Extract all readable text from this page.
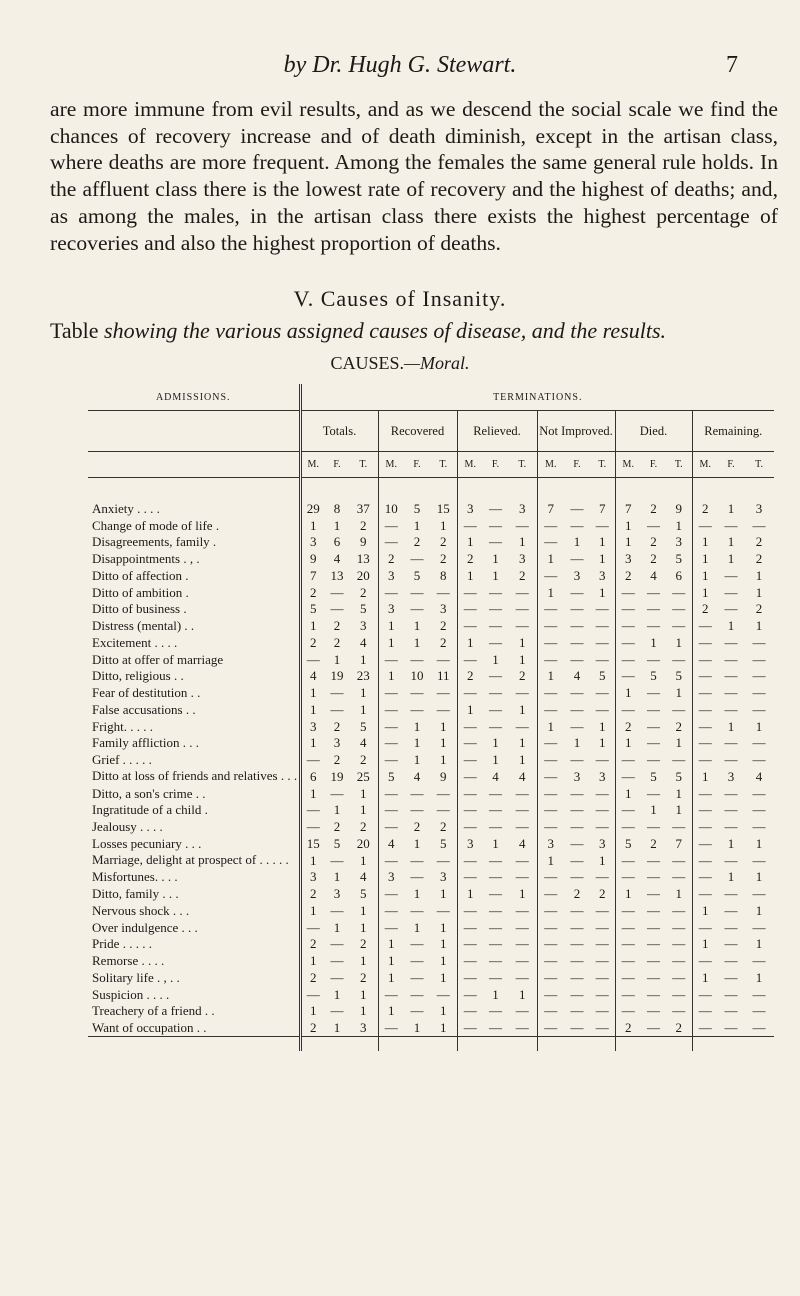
by Dr. Hugh G. Stewart.	7
are more immune from evil results, and as we descend the social scale we find the chances of recovery increase and of death diminish, except in the artisan class, where deaths are more frequent. Among the females the same general rule holds. In the affluent class there is the lowest rate of recovery and the highest of deaths; and, as among the males, in the artisan class there exists the highest percentage of recoveries and also the highest proportion of deaths.
V. Causes of Insanity.
Table showing the various assigned causes of disease, and the results.
CAUSES.—Moral.
ADMISSIONS.	TERMINATIONS.																	
	Totals.			Recovered			Relieved.			Not Improved.			Died.			Remaining.		
	M.	F.	T.	M.	F.	T.	M.	F.	T.	M.	F.	T.	M.	F.	T.	M.	F.	T.

Anxiety . . . .	29	8	37	10	5	15	3	—	3	7	—	7	7	2	9	2	1	3
Change of mode of life .	1	1	2	—	1	1	—	—	—	—	—	—	1	—	1	—	—	—
Disagreements, family .	3	6	9	—	2	2	1	—	1	—	1	1	1	2	3	1	1	2
Disappointments . , .	9	4	13	2	—	2	2	1	3	1	—	1	3	2	5	1	1	2
Ditto of affection .	7	13	20	3	5	8	1	1	2	—	3	3	2	4	6	1	—	1
Ditto of ambition .	2	—	2	—	—	—	—	—	—	1	—	1	—	—	—	1	—	1
Ditto of business .	5	—	5	3	—	3	—	—	—	—	—	—	—	—	—	2	—	2
Distress (mental) . .	1	2	3	1	1	2	—	—	—	—	—	—	—	—	—	—	1	1
Excitement . . . .	2	2	4	1	1	2	1	—	1	—	—	—	—	1	1	—	—	—
Ditto at offer of marriage	—	1	1	—	—	—	—	1	1	—	—	—	—	—	—	—	—	—
Ditto, religious . .	4	19	23	1	10	11	2	—	2	1	4	5	—	5	5	—	—	—
Fear of destitution . .	1	—	1	—	—	—	—	—	—	—	—	—	1	—	1	—	—	—
False accusations . .	1	—	1	—	—	—	1	—	1	—	—	—	—	—	—	—	—	—
Fright. . . . .	3	2	5	—	1	1	—	—	—	1	—	1	2	—	2	—	1	1
Family affliction . . .	1	3	4	—	1	1	—	1	1	—	1	1	1	—	1	—	—	—
Grief . . . . .	—	2	2	—	1	1	—	1	1	—	—	—	—	—	—	—	—	—
Ditto at loss of friends and relatives . . .	6	19	25	5	4	9	—	4	4	—	3	3	—	5	5	1	3	4
Ditto, a son's crime . .	1	—	1	—	—	—	—	—	—	—	—	—	1	—	1	—	—	—
Ingratitude of a child .	—	1	1	—	—	—	—	—	—	—	—	—	—	1	1	—	—	—
Jealousy . . . .	—	2	2	—	2	2	—	—	—	—	—	—	—	—	—	—	—	—
Losses pecuniary . . .	15	5	20	4	1	5	3	1	4	3	—	3	5	2	7	—	1	1
Marriage, delight at prospect of . . . . .	1	—	1	—	—	—	—	—	—	1	—	1	—	—	—	—	—	—
Misfortunes. . . .	3	1	4	3	—	3	—	—	—	—	—	—	—	—	—	—	1	1
Ditto, family . . .	2	3	5	—	1	1	1	—	1	—	2	2	1	—	1	—	—	—
Nervous shock . . .	1	—	1	—	—	—	—	—	—	—	—	—	—	—	—	1	—	1
Over indulgence . . .	—	1	1	—	1	1	—	—	—	—	—	—	—	—	—	—	—	—
Pride . . . . .	2	—	2	1	—	1	—	—	—	—	—	—	—	—	—	1	—	1
Remorse . . . .	1	—	1	1	—	1	—	—	—	—	—	—	—	—	—	—	—	—
Solitary life . , . .	2	—	2	1	—	1	—	—	—	—	—	—	—	—	—	1	—	1
Suspicion . . . .	—	1	1	—	—	—	—	1	1	—	—	—	—	—	—	—	—	—
Treachery of a friend . .	1	—	1	1	—	1	—	—	—	—	—	—	—	—	—	—	—	—
Want of occupation . .	2	1	3	—	1	1	—	—	—	—	—	—	2	—	2	—	—	—
